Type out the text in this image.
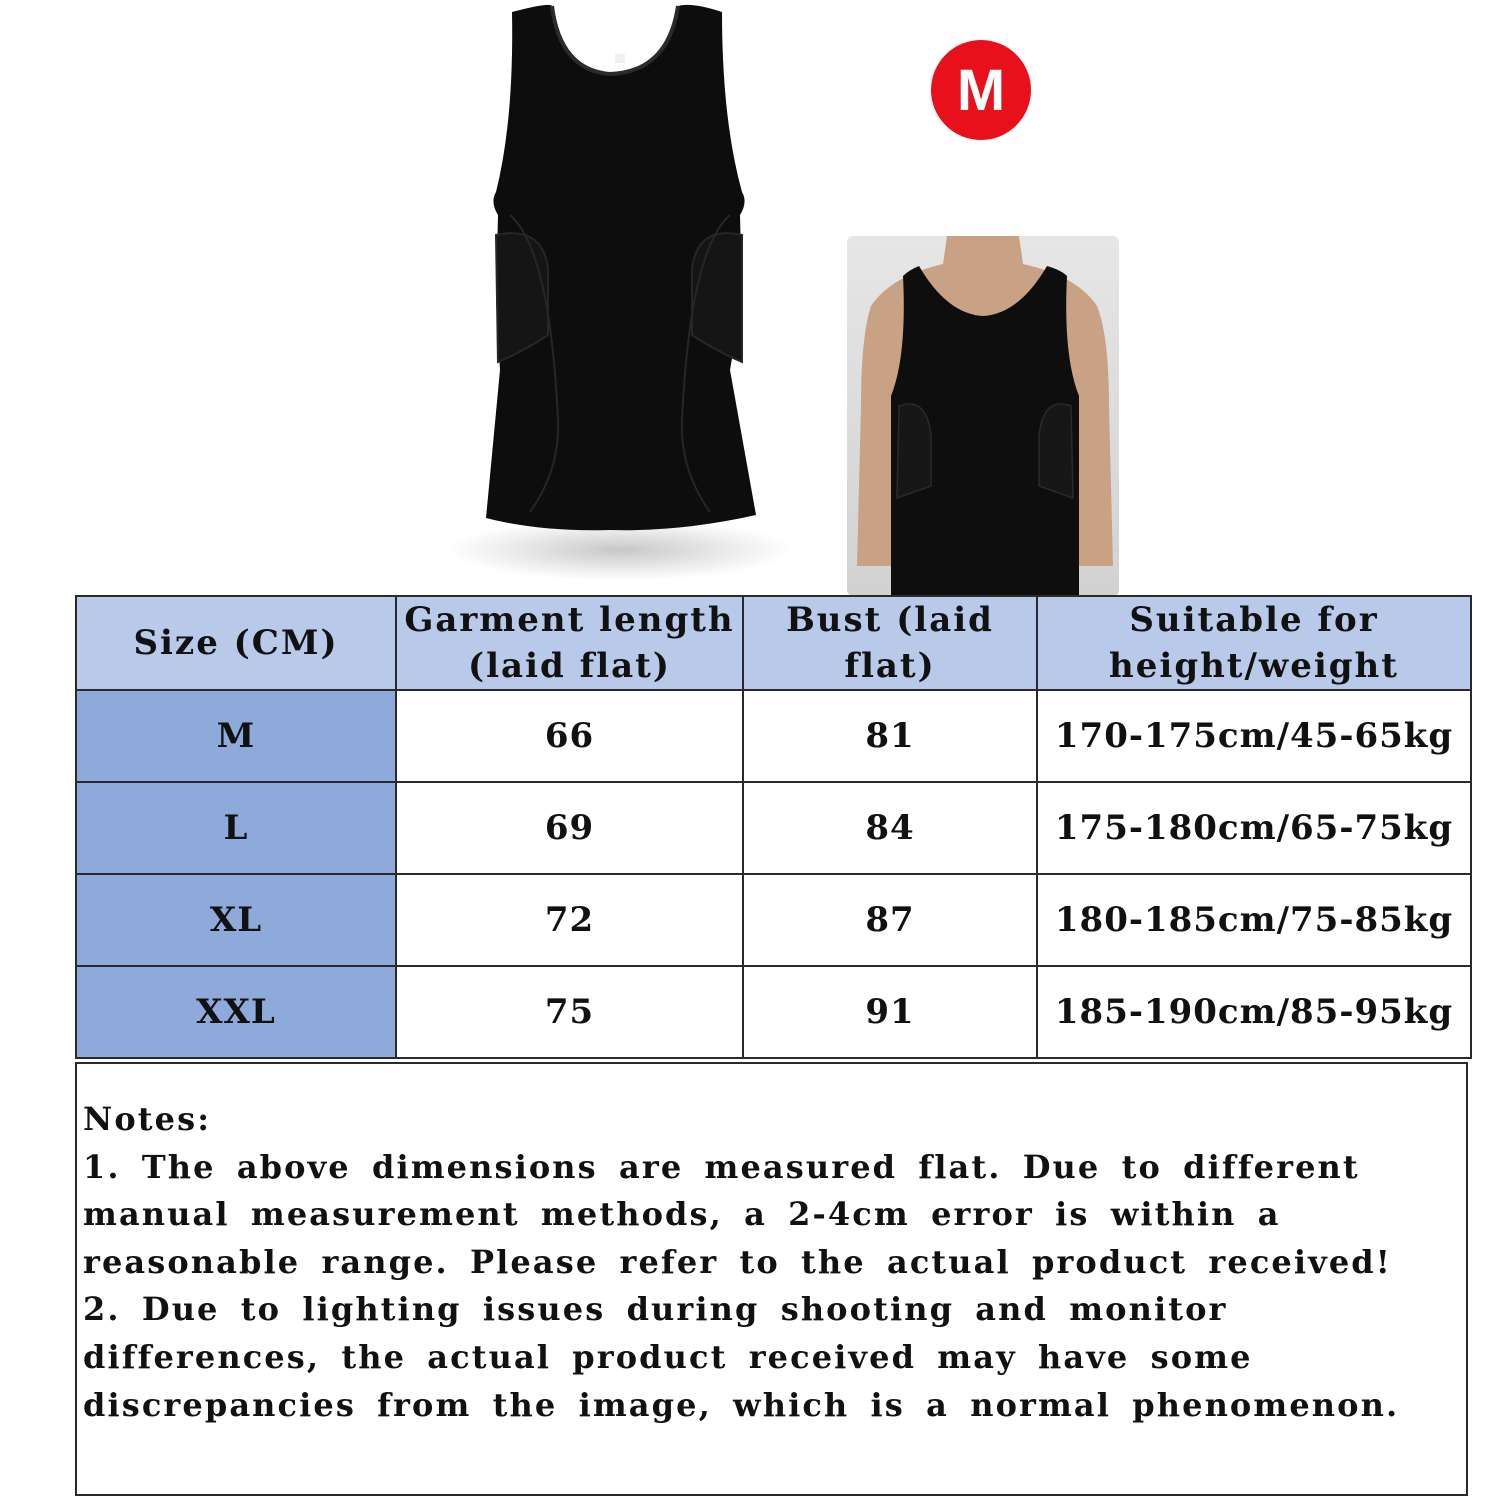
M
Size (CM)	Garment length (laid flat)	Bust (laid flat)	Suitable for height/weight
M	66	81	170-175cm/45-65kg
L	69	84	175-180cm/65-75kg
XL	72	87	180-185cm/75-85kg
XXL	75	91	185-190cm/85-95kg

Notes:

1. The above dimensions are measured flat. Due to different manual measurement methods, a 2-4cm error is within a reasonable range. Please refer to the actual product received!

2. Due to lighting issues during shooting and monitor differences, the actual product received may have some discrepancies from the image, which is a normal phenomenon.
